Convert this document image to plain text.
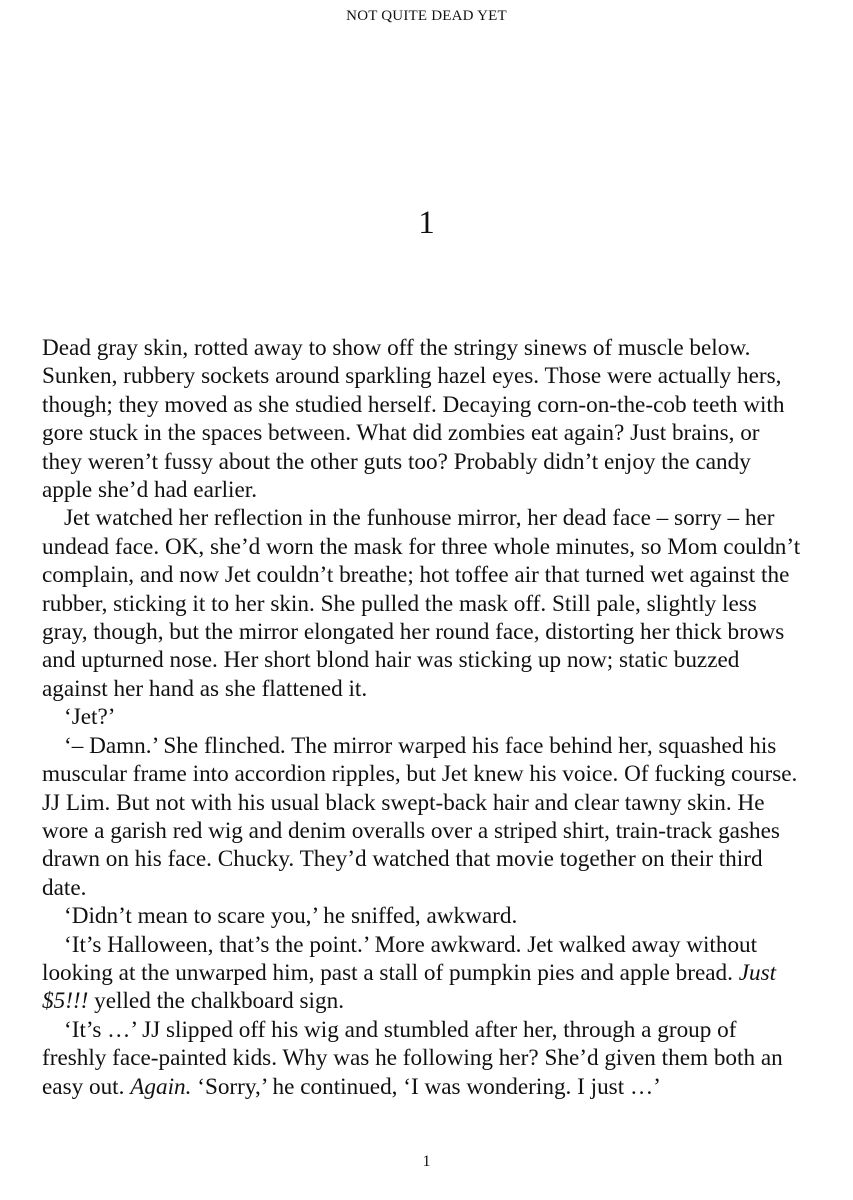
NOT QUITE DEAD YET
1

Dead gray skin, rotted away to show off the stringy sinews of muscle below. Sunken, rubbery sockets around sparkling hazel eyes. Those were actually hers, though; they moved as she studied herself. Decaying corn-on-the-cob teeth with gore stuck in the spaces between. What did zombies eat again? Just brains, or they weren’t fussy about the other guts too? Probably didn’t enjoy the candy apple she’d had earlier.

Jet watched her reflection in the funhouse mirror, her dead face – sorry – her undead face. OK, she’d worn the mask for three whole minutes, so Mom couldn’t complain, and now Jet couldn’t breathe; hot toffee air that turned wet against the rubber, sticking it to her skin. She pulled the mask off. Still pale, slightly less gray, though, but the mirror elongated her round face, distorting her thick brows and upturned nose. Her short blond hair was sticking up now; static buzzed against her hand as she flattened it.

‘Jet?’

‘– Damn.’ She flinched. The mirror warped his face behind her, squashed his muscular frame into accordion ripples, but Jet knew his voice. Of fucking course. JJ Lim. But not with his usual black swept-back hair and clear tawny skin. He wore a garish red wig and denim overalls over a striped shirt, train-track gashes drawn on his face. Chucky. They’d watched that movie together on their third date.

‘Didn’t mean to scare you,’ he sniffed, awkward.

‘It’s Halloween, that’s the point.’ More awkward. Jet walked away without looking at the unwarped him, past a stall of pumpkin pies and apple bread. Just $5!!! yelled the chalkboard sign.

‘It’s …’ JJ slipped off his wig and stumbled after her, through a group of freshly face-painted kids. Why was he following her? She’d given them both an easy out. Again. ‘Sorry,’ he continued, ‘I was wondering. I just …’

1
